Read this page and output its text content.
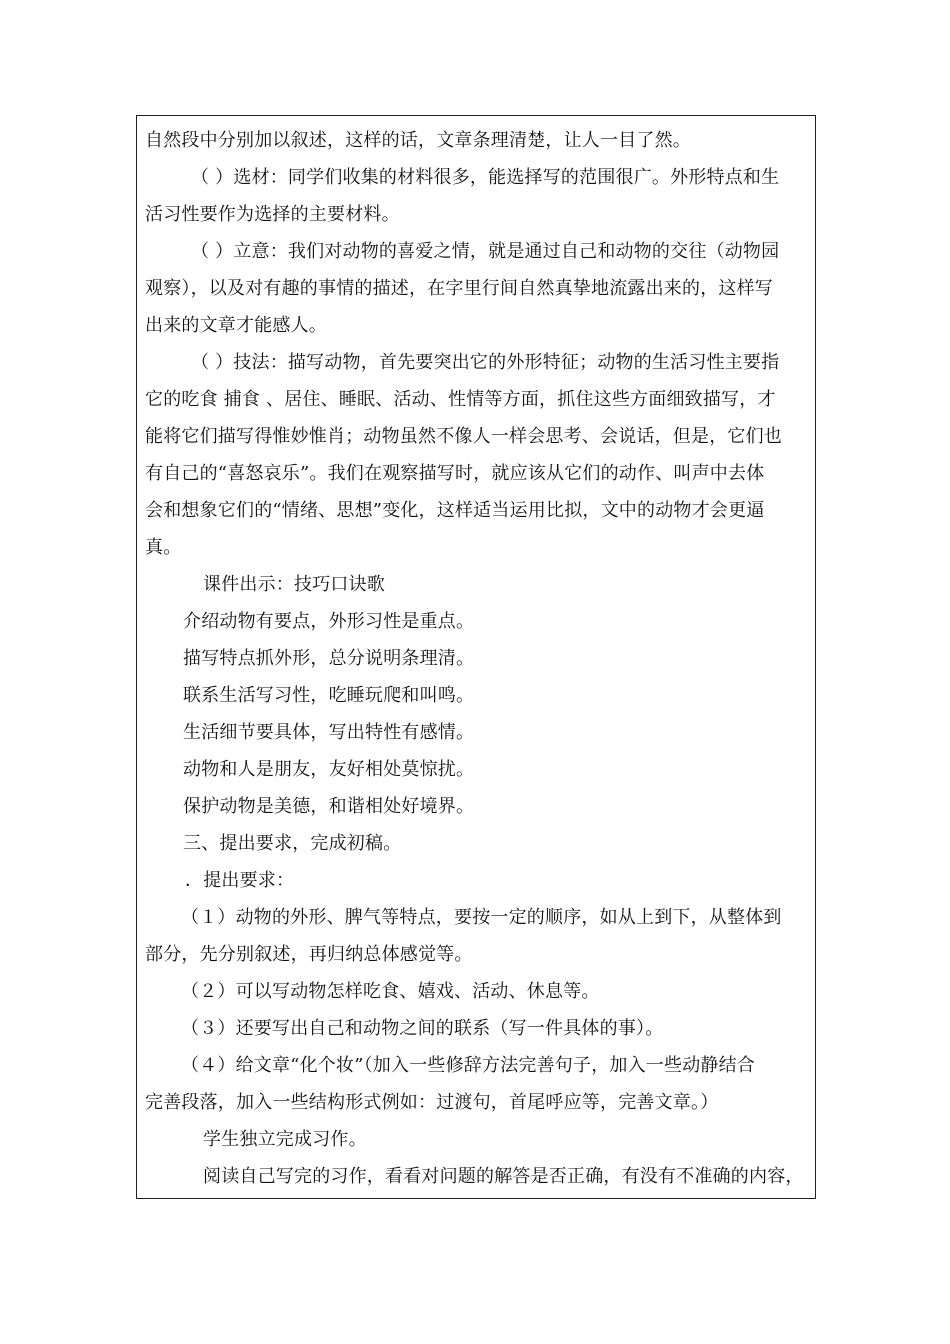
自然段中分别加以叙述，这样的话，文章条理清楚，让人一目了然。
（ ）选材：同学们收集的材料很多，能选择写的范围很广。外形特点和生
活习性要作为选择的主要材料。
（ ）立意：我们对动物的喜爱之情，就是通过自己和动物的交往（动物园
观察），以及对有趣的事情的描述，在字里行间自然真挚地流露出来的，这样写
出来的文章才能感人。
（ ）技法：描写动物，首先要突出它的外形特征；动物的生活习性主要指
它的吃食 捕食 、居住、睡眠、活动、性情等方面，抓住这些方面细致描写，才
能将它们描写得惟妙惟肖；动物虽然不像人一样会思考、会说话，但是，它们也
有自己的“喜怒哀乐”。我们在观察描写时，就应该从它们的动作、叫声中去体
会和想象它们的“情绪、思想”变化，这样适当运用比拟，文中的动物才会更逼
真。
课件出示：技巧口诀歌
介绍动物有要点，外形习性是重点。
描写特点抓外形，总分说明条理清。
联系生活写习性，吃睡玩爬和叫鸣。
生活细节要具体，写出特性有感情。
动物和人是朋友，友好相处莫惊扰。
保护动物是美德，和谐相处好境界。
三、提出要求，完成初稿。
．提出要求：
（１）动物的外形、脾气等特点，要按一定的顺序，如从上到下，从整体到
部分，先分别叙述，再归纳总体感觉等。
（２）可以写动物怎样吃食、嬉戏、活动、休息等。
（３）还要写出自己和动物之间的联系（写一件具体的事）。
（４）给文章“化个妆”（加入一些修辞方法完善句子，加入一些动静结合
完善段落，加入一些结构形式例如：过渡句，首尾呼应等，完善文章。）
学生独立完成习作。
阅读自己写完的习作，看看对问题的解答是否正确，有没有不准确的内容，
